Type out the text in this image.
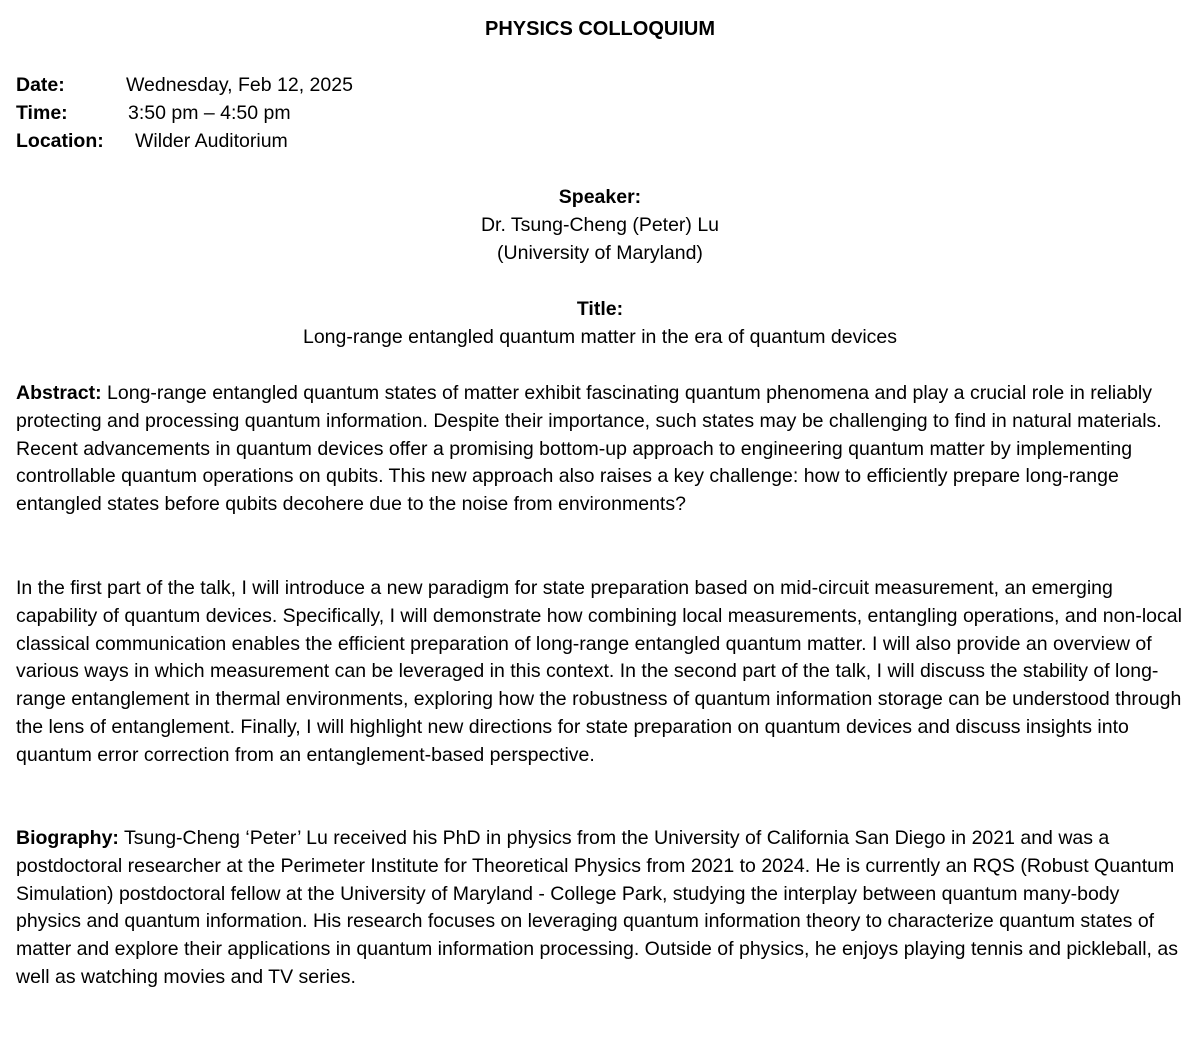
PHYSICS COLLOQUIUM
Date:	Wednesday, Feb 12, 2025
Time:	3:50 pm – 4:50 pm
Location:	Wilder Auditorium
Speaker:
Dr. Tsung-Cheng (Peter) Lu
(University of Maryland)
Title:
Long-range entangled quantum matter in the era of quantum devices

Abstract: Long-range entangled quantum states of matter exhibit fascinating quantum phenomena and play a crucial role in reliably protecting and processing quantum information. Despite their importance, such states may be challenging to find in natural materials. Recent advancements in quantum devices offer a promising bottom-up approach to engineering quantum matter by implementing controllable quantum operations on qubits. This new approach also raises a key challenge: how to efficiently prepare long-range entangled states before qubits decohere due to the noise from environments?

In the first part of the talk, I will introduce a new paradigm for state preparation based on mid-circuit measurement, an emerging capability of quantum devices. Specifically, I will demonstrate how combining local measurements, entangling operations, and non-local classical communication enables the efficient preparation of long-range entangled quantum matter. I will also provide an overview of various ways in which measurement can be leveraged in this context. In the second part of the talk, I will discuss the stability of long-range entanglement in thermal environments, exploring how the robustness of quantum information storage can be understood through the lens of entanglement. Finally, I will highlight new directions for state preparation on quantum devices and discuss insights into quantum error correction from an entanglement-based perspective.

Biography: Tsung-Cheng ‘Peter’ Lu received his PhD in physics from the University of California San Diego in 2021 and was a postdoctoral researcher at the Perimeter Institute for Theoretical Physics from 2021 to 2024. He is currently an RQS (Robust Quantum Simulation) postdoctoral fellow at the University of Maryland - College Park, studying the interplay between quantum many-body physics and quantum information. His research focuses on leveraging quantum information theory to characterize quantum states of matter and explore their applications in quantum information processing. Outside of physics, he enjoys playing tennis and pickleball, as well as watching movies and TV series.
